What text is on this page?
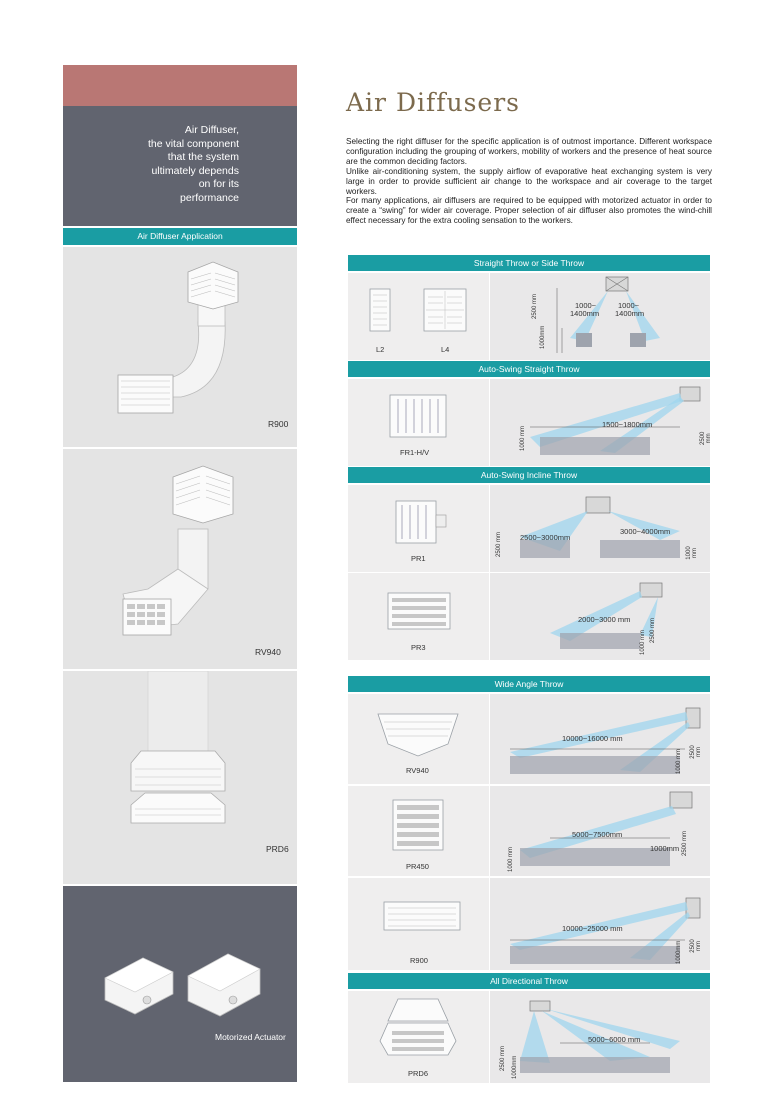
Air Diffuser,
the vital component
that the system
ultimately depends
on for its
performance
Air Diffuser Application
R900
RV940
PRD6
Motorized Actuator
Air Diffusers

Selecting the right diffuser for the specific application is of outmost importance. Different workspace configuration including the grouping of workers, mobility of workers and the presence of heat source are the common deciding factors.

Unlike air-conditioning system, the supply airflow of evaporative heat exchanging system is very large in order to provide sufficient air change to the workspace and air coverage to the target workers.

For many applications, air diffusers are required to be equipped with motorized actuator in order to create a “swing” for wider air coverage. Proper selection of air diffuser also promotes the wind-chill effect necessary for the extra cooling sensation to the workers.

Straight Throw or Side Throw
L2	L4
1000~
1400mm
1000~
1400mm
2500 mm
1000mm
Auto-Swing Straight Throw
FR1-H/V
1500~1800mm
1000 mm	2500 mm
Auto-Swing Incline Throw
PR1
2500~3000mm
3000~4000mm
2500 mm	1000 mm
PR3
2000~3000 mm
1000 mm 2500 mm
Wide Angle Throw
RV940
10000~16000 mm
1000 mm 2500 mm
PR450
5000~7500mm
1000mm
1000 mm
2500 mm
R900
10000~25000 mm
1000mm 2500 mm
All Directional Throw
PRD6
5000~6000 mm
2500 mm 1000mm
